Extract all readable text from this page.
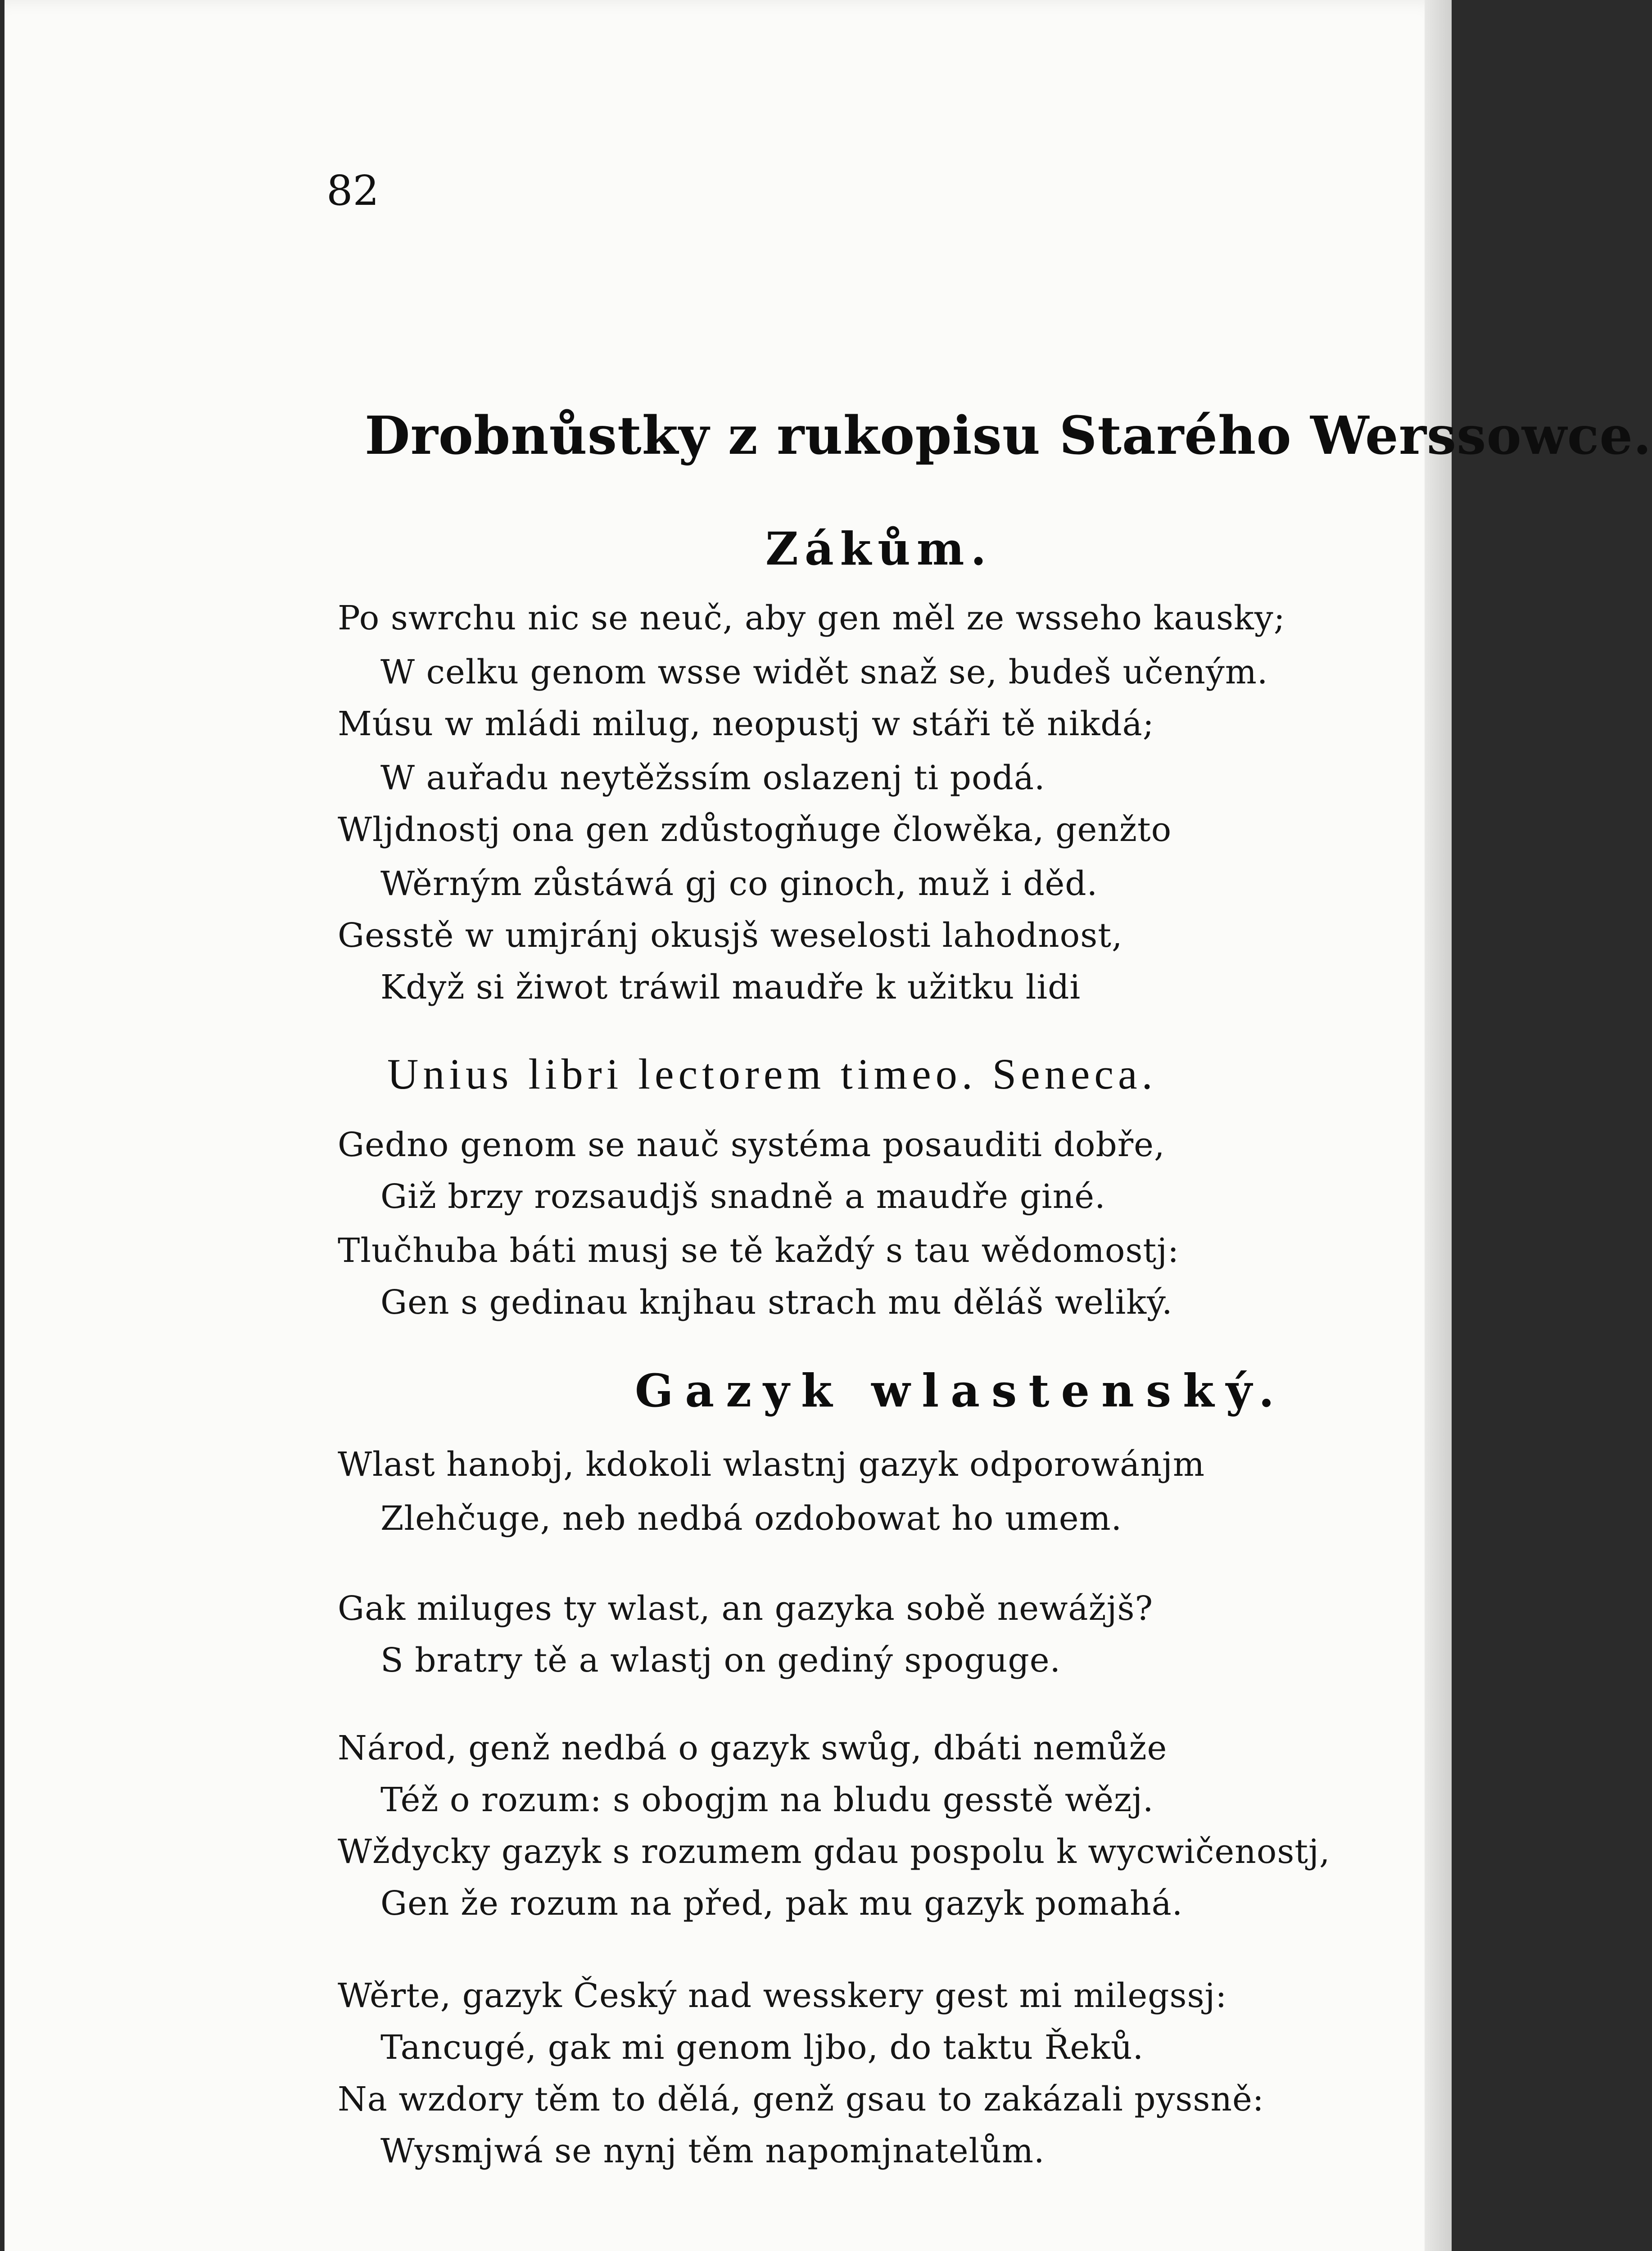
82
Drobnůstky z rukopisu Starého Werssowce.
Zákům.
Po swrchu nic se neuč, aby gen měl ze wsseho kausky;
W celku genom wsse widět snaž se, budeš učeným.
Músu w mládi milug, neopustj w stáři tě nikdá;
W auřadu neytěžssím oslazenj ti podá.
Wljdnostj ona gen zdůstogňuge člowěka, genžto
Wěrným zůstáwá gj co ginoch, muž i děd.
Gesstě w umjránj okusjš weselosti lahodnost,
Když si žiwot tráwil maudře k užitku lidi
Unius libri lectorem timeo. Seneca.
Gedno genom se nauč systéma posauditi dobře,
Giž brzy rozsaudjš snadně a maudře giné.
Tlučhuba báti musj se tě každý s tau wědomostj:
Gen s gedinau knjhau strach mu děláš weliký.
Gazyk wlastenský.
Wlast hanobj, kdokoli wlastnj gazyk odporowánjm
Zlehčuge, neb nedbá ozdobowat ho umem.
Gak miluges ty wlast, an gazyka sobě newážjš?
S bratry tě a wlastj on gediný spoguge.
Národ, genž nedbá o gazyk swůg, dbáti nemůže
Též o rozum: s obogjm na bludu gesstě wězj.
Wždycky gazyk s rozumem gdau pospolu k wycwičenostj,
Gen že rozum na před, pak mu gazyk pomahá.
Wěrte, gazyk Český nad wesskery gest mi milegssj:
Tancugé, gak mi genom ljbo, do taktu Řeků.
Na wzdory těm to dělá, genž gsau to zakázali pyssně:
Wysmjwá se nynj těm napomjnatelům.
